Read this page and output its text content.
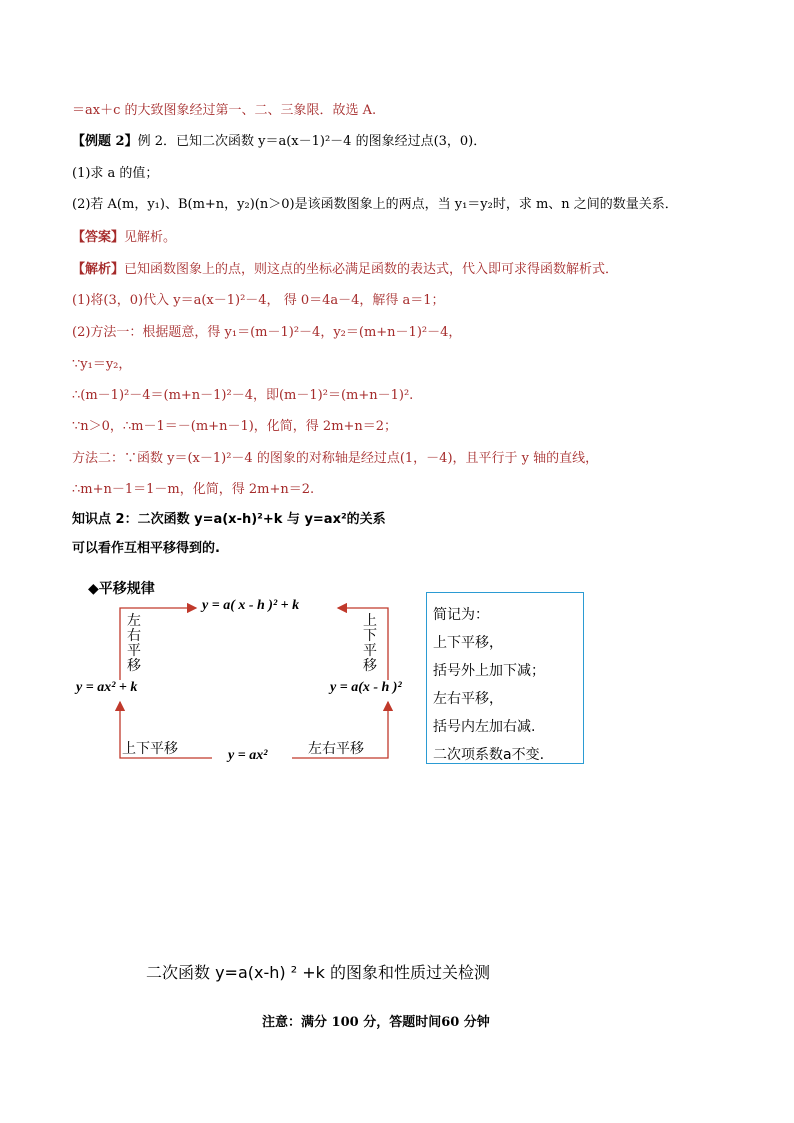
＝ax＋c 的大致图象经过第一、二、三象限．故选 A.
【例题 2】例 2．已知二次函数 y＝a(x－1)²－4 的图象经过点(3，0)．
(1)求 a 的值；
(2)若 A(m，y₁)、B(m+n，y₂)(n＞0)是该函数图象上的两点，当 y₁＝y₂时，求 m、n 之间的数量关系．
【答案】见解析。
【解析】已知函数图象上的点，则这点的坐标必满足函数的表达式，代入即可求得函数解析式．
(1)将(3，0)代入 y＝a(x－1)²－4， 得 0＝4a－4，解得 a＝1；
(2)方法一：根据题意，得 y₁＝(m－1)²－4，y₂＝(m+n－1)²－4，
∵y₁＝y₂，
∴(m－1)²－4＝(m+n－1)²－4，即(m－1)²＝(m+n－1)².
∵n＞0，∴m－1＝－(m+n－1)，化简，得 2m+n＝2；
方法二：∵函数 y＝(x－1)²－4 的图象的对称轴是经过点(1，－4)，且平行于 y 轴的直线，
∴m+n－1＝1－m，化简，得 2m+n＝2.
知识点 2：二次函数 y=a(x-h)²+k 与 y=ax²的关系
可以看作互相平移得到的.
◆平移规律
y = a( x - h )² + k
y = ax² + k	y = a(x - h )²
y = ax²
左
右
平
移
上
下
平
移
上下平移	左右平移
简记为：
上下平移，
括号外上加下减；
左右平移，
括号内左加右减.
二次项系数a不变.
二次函数 y=a(x-h) ² +k 的图象和性质过关检测
注意：满分 100 分，答题时间60 分钟
